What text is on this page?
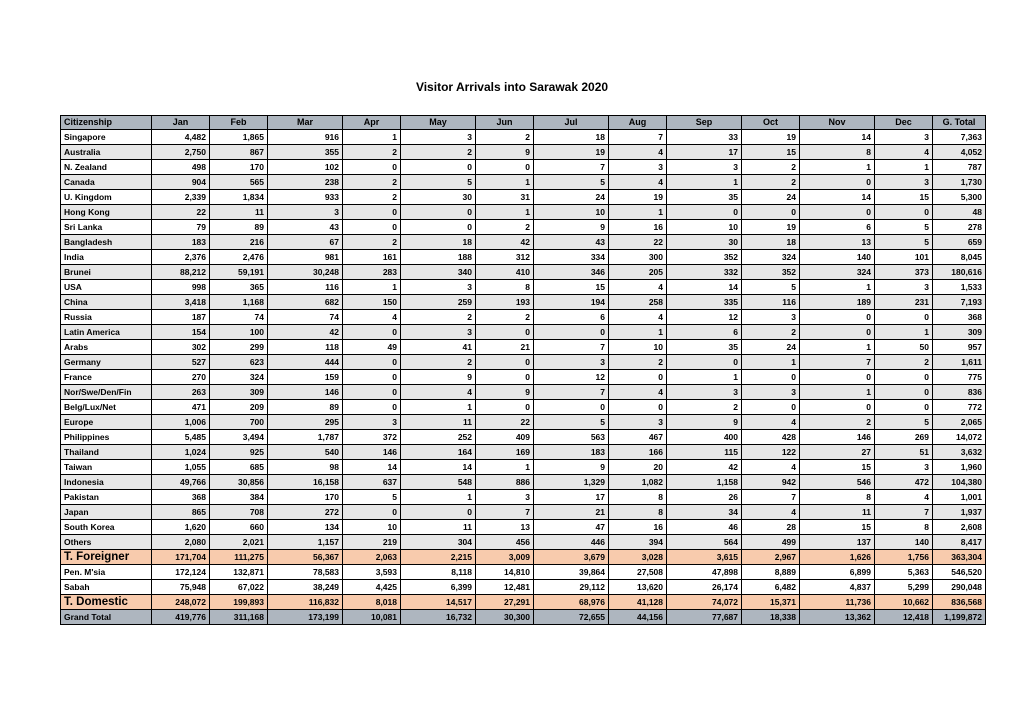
Visitor Arrivals into Sarawak 2020
Citizenship	Jan	Feb	Mar	Apr	May	Jun	Jul	Aug	Sep	Oct	Nov	Dec	G. Total
Singapore	4,482	1,865	916	1	3	2	18	7	33	19	14	3	7,363
Australia	2,750	867	355	2	2	9	19	4	17	15	8	4	4,052
N. Zealand	498	170	102	0	0	0	7	3	3	2	1	1	787
Canada	904	565	238	2	5	1	5	4	1	2	0	3	1,730
U. Kingdom	2,339	1,834	933	2	30	31	24	19	35	24	14	15	5,300
Hong Kong	22	11	3	0	0	1	10	1	0	0	0	0	48
Sri Lanka	79	89	43	0	0	2	9	16	10	19	6	5	278
Bangladesh	183	216	67	2	18	42	43	22	30	18	13	5	659
India	2,376	2,476	981	161	188	312	334	300	352	324	140	101	8,045
Brunei	88,212	59,191	30,248	283	340	410	346	205	332	352	324	373	180,616
USA	998	365	116	1	3	8	15	4	14	5	1	3	1,533
China	3,418	1,168	682	150	259	193	194	258	335	116	189	231	7,193
Russia	187	74	74	4	2	2	6	4	12	3	0	0	368
Latin America	154	100	42	0	3	0	0	1	6	2	0	1	309
Arabs	302	299	118	49	41	21	7	10	35	24	1	50	957
Germany	527	623	444	0	2	0	3	2	0	1	7	2	1,611
France	270	324	159	0	9	0	12	0	1	0	0	0	775
Nor/Swe/Den/Fin	263	309	146	0	4	9	7	4	3	3	1	0	836
Belg/Lux/Net	471	209	89	0	1	0	0	0	2	0	0	0	772
Europe	1,006	700	295	3	11	22	5	3	9	4	2	5	2,065
Philippines	5,485	3,494	1,787	372	252	409	563	467	400	428	146	269	14,072
Thailand	1,024	925	540	146	164	169	183	166	115	122	27	51	3,632
Taiwan	1,055	685	98	14	14	1	9	20	42	4	15	3	1,960
Indonesia	49,766	30,856	16,158	637	548	886	1,329	1,082	1,158	942	546	472	104,380
Pakistan	368	384	170	5	1	3	17	8	26	7	8	4	1,001
Japan	865	708	272	0	0	7	21	8	34	4	11	7	1,937
South Korea	1,620	660	134	10	11	13	47	16	46	28	15	8	2,608
Others	2,080	2,021	1,157	219	304	456	446	394	564	499	137	140	8,417
T. Foreigner	171,704	111,275	56,367	2,063	2,215	3,009	3,679	3,028	3,615	2,967	1,626	1,756	363,304
Pen. M'sia	172,124	132,871	78,583	3,593	8,118	14,810	39,864	27,508	47,898	8,889	6,899	5,363	546,520
Sabah	75,948	67,022	38,249	4,425	6,399	12,481	29,112	13,620	26,174	6,482	4,837	5,299	290,048
T. Domestic	248,072	199,893	116,832	8,018	14,517	27,291	68,976	41,128	74,072	15,371	11,736	10,662	836,568
Grand Total	419,776	311,168	173,199	10,081	16,732	30,300	72,655	44,156	77,687	18,338	13,362	12,418	1,199,872
